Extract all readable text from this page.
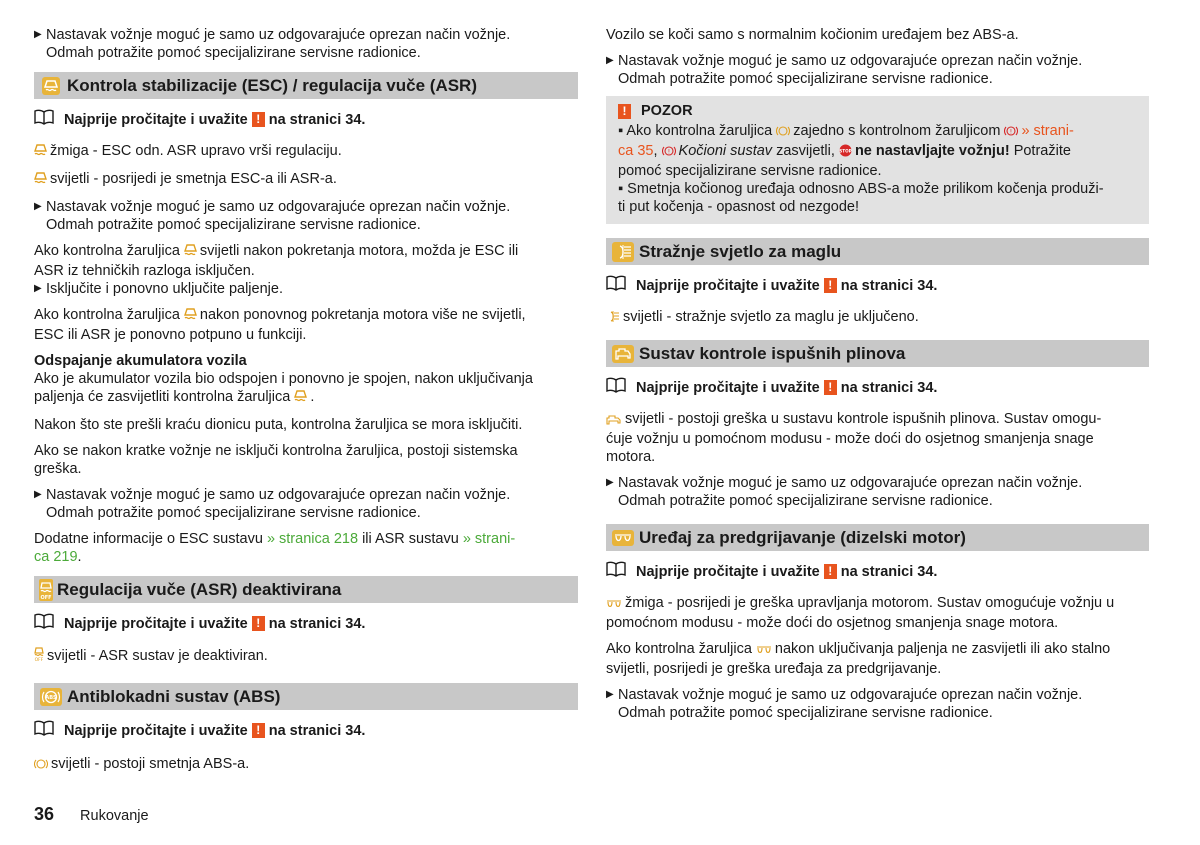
▶ Nastavak vožnje moguć je samo uz odgovarajuće oprezan način vožnje.
Odmah potražite pomoć specijalizirane servisne radionice.
Kontrola stabilizacije (ESC) / regulacija vuče (ASR)
Najprije pročitajte i uvažite ! na stranici 34.

žmiga - ESC odn. ASR upravo vrši regulaciju.

svijetli - posrijedi je smetnja ESC-a ili ASR-a.

▶ Nastavak vožnje moguć je samo uz odgovarajuće oprezan način vožnje.
Odmah potražite pomoć specijalizirane servisne radionice.
Ako kontrolna žaruljica svijetli nakon pokretanja motora, možda je ESC ili
ASR iz tehničkih razloga isključen.
▶ Isključite i ponovno uključite paljenje.
Ako kontrolna žaruljica nakon ponovnog pokretanja motora više ne svijetli,
ESC ili ASR je ponovno potpuno u funkciji.
Odspajanje akumulatora vozila
Ako je akumulator vozila bio odspojen i ponovno je spojen, nakon uključivanja
paljenja će zasvijetliti kontrolna žaruljica .

Nakon što ste prešli kraću dionicu puta, kontrolna žaruljica se mora isključiti.

Ako se nakon kratke vožnje ne isključi kontrolna žaruljica, postoji sistemska
greška.

▶ Nastavak vožnje moguć je samo uz odgovarajuće oprezan način vožnje.
Odmah potražite pomoć specijalizirane servisne radionice.

Dodatne informacije o ESC sustavu » stranica 218 ili ASR sustavu » strani-
ca 219.

OFF Regulacija vuče (ASR) deaktivirana
Najprije pročitajte i uvažite ! na stranici 34.

OFF svijetli - ASR sustav je deaktiviran.

ABS Antiblokadni sustav (ABS)
Najprije pročitajte i uvažite ! na stranici 34.

svijetli - postoji smetnja ABS-a.

Vozilo se koči samo s normalnim kočionim uređajem bez ABS-a.

▶ Nastavak vožnje moguć je samo uz odgovarajuće oprezan način vožnje.
Odmah potražite pomoć specijalizirane servisne radionice.
!	POZOR

▪ Ako kontrolna žaruljica zajedno s kontrolnom žaruljicom ! » strani-

ca 35, ! Kočioni sustav zasvijetli, STOP ne nastavljajte vožnju! Potražite

pomoć specijalizirane servisne radionice.

▪ Smetnja kočionog uređaja odnosno ABS-a može prilikom kočenja produži-

ti put kočenja - opasnost od nezgode!

Stražnje svjetlo za maglu
Najprije pročitajte i uvažite ! na stranici 34.

svijetli - stražnje svjetlo za maglu je uključeno.

Sustav kontrole ispušnih plinova
Najprije pročitajte i uvažite ! na stranici 34.

svijetli - postoji greška u sustavu kontrole ispušnih plinova. Sustav omogu-
ćuje vožnju u pomoćnom modusu - može doći do osjetnog smanjenja snage
motora.

▶ Nastavak vožnje moguć je samo uz odgovarajuće oprezan način vožnje.
Odmah potražite pomoć specijalizirane servisne radionice.
Uređaj za predgrijavanje (dizelski motor)
Najprije pročitajte i uvažite ! na stranici 34.

žmiga - posrijedi je greška upravljanja motorom. Sustav omogućuje vožnju u
pomoćnom modusu - može doći do osjetnog smanjenja snage motora.

Ako kontrolna žaruljica nakon uključivanja paljenja ne zasvijetli ili ako stalno
svijetli, posrijedi je greška uređaja za predgrijavanje.

▶ Nastavak vožnje moguć je samo uz odgovarajuće oprezan način vožnje.
Odmah potražite pomoć specijalizirane servisne radionice.
36 Rukovanje
